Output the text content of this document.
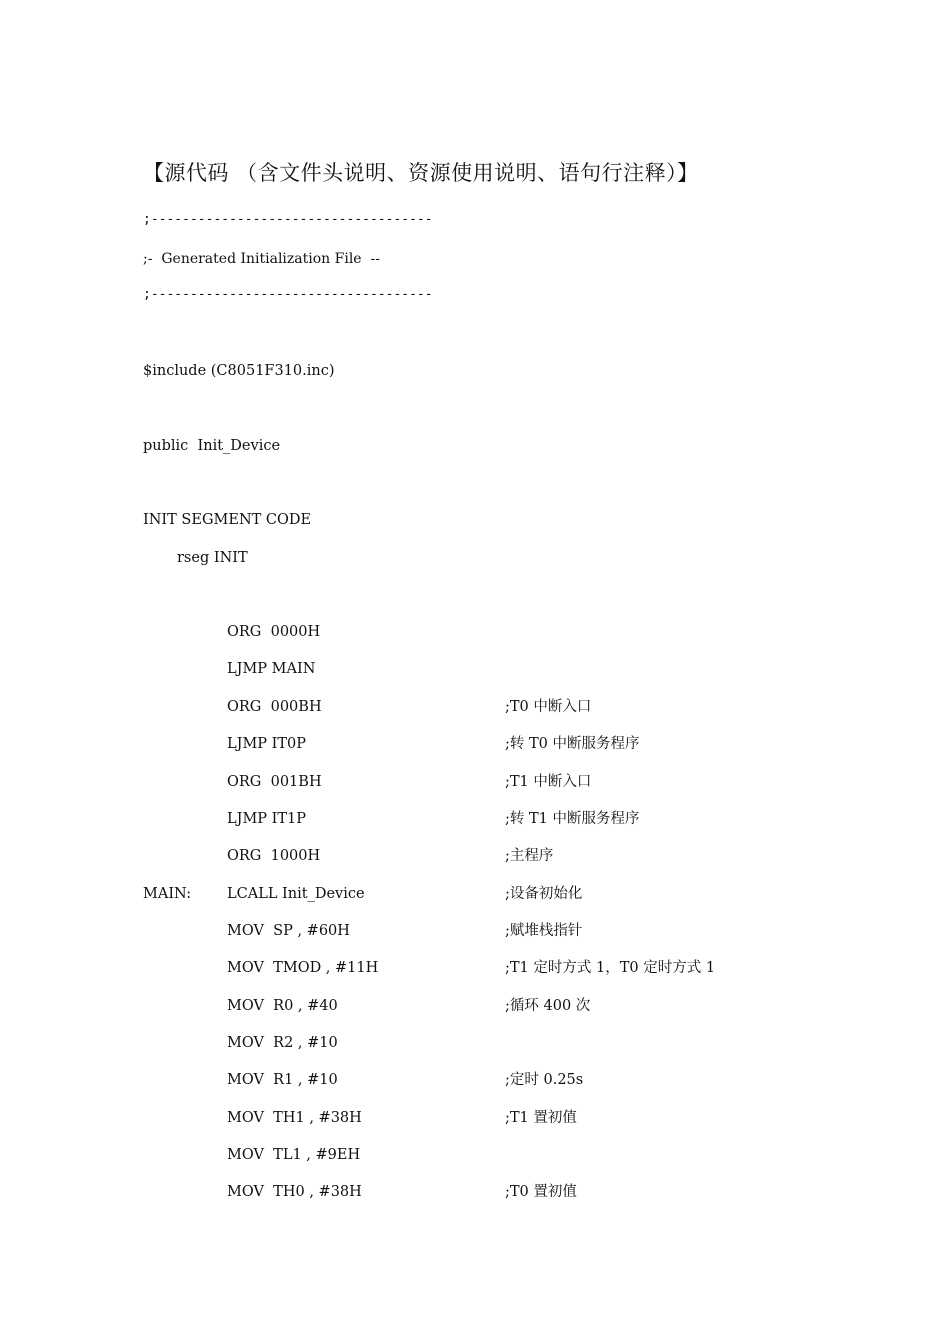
【源代码 （含文件头说明、资源使用说明、语句行注释）】
;------------------------------------
;-  Generated Initialization File  --
;------------------------------------
$include (C8051F310.inc)
public  Init_Device
INIT SEGMENT CODE
rseg INIT
ORG  0000H
LJMP MAIN
ORG  000BH	;T0 中断入口
LJMP IT0P	;转 T0 中断服务程序
ORG  001BH	;T1 中断入口
LJMP IT1P	;转 T1 中断服务程序
ORG  1000H	;主程序
MAIN: LCALL Init_Device	;设备初始化
MOV  SP , #60H	;赋堆栈指针
MOV  TMOD , #11H	;T1 定时方式 1，T0 定时方式 1
MOV  R0 , #40	;循环 400 次
MOV  R2 , #10
MOV  R1 , #10	;定时 0.25s
MOV  TH1 , #38H	;T1 置初值
MOV  TL1 , #9EH
MOV  TH0 , #38H	;T0 置初值
